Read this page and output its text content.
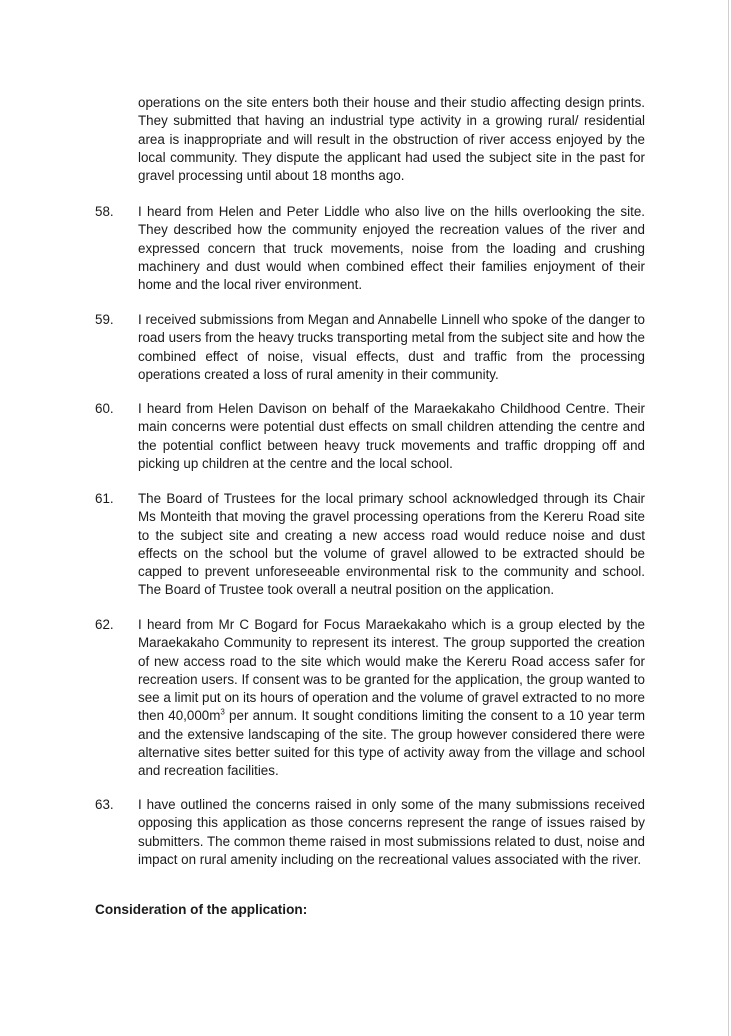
operations on the site enters both their house and their studio affecting design prints. They submitted that having an industrial type activity in a growing rural/ residential area is inappropriate and will result in the obstruction of river access enjoyed by the local community. They dispute the applicant had used the subject site in the past for gravel processing until about 18 months ago.
58.	I heard from Helen and Peter Liddle who also live on the hills overlooking the site. They described how the community enjoyed the recreation values of the river and expressed concern that truck movements, noise from the loading and crushing machinery and dust would when combined effect their families enjoyment of their home and the local river environment.
59.	I received submissions from Megan and Annabelle Linnell who spoke of the danger to road users from the heavy trucks transporting metal from the subject site and how the combined effect of noise, visual effects, dust and traffic from the processing operations created a loss of rural amenity in their community.
60.	I heard from Helen Davison on behalf of the Maraekakaho Childhood Centre. Their main concerns were potential dust effects on small children attending the centre and the potential conflict between heavy truck movements and traffic dropping off and picking up children at the centre and the local school.
61.	The Board of Trustees for the local primary school acknowledged through its Chair Ms Monteith that moving the gravel processing operations from the Kereru Road site to the subject site and creating a new access road would reduce noise and dust effects on the school but the volume of gravel allowed to be extracted should be capped to prevent unforeseeable environmental risk to the community and school. The Board of Trustee took overall a neutral position on the application.
62.	I heard from Mr C Bogard for Focus Maraekakaho which is a group elected by the Maraekakaho Community to represent its interest. The group supported the creation of new access road to the site which would make the Kereru Road access safer for recreation users. If consent was to be granted for the application, the group wanted to see a limit put on its hours of operation and the volume of gravel extracted to no more then $40,000m^3$ per annum. It sought conditions limiting the consent to a 10 year term and the extensive landscaping of the site. The group however considered there were alternative sites better suited for this type of activity away from the village and school and recreation facilities.
63.	I have outlined the concerns raised in only some of the many submissions received opposing this application as those concerns represent the range of issues raised by submitters. The common theme raised in most submissions related to dust, noise and impact on rural amenity including on the recreational values associated with the river.
Consideration of the application:
